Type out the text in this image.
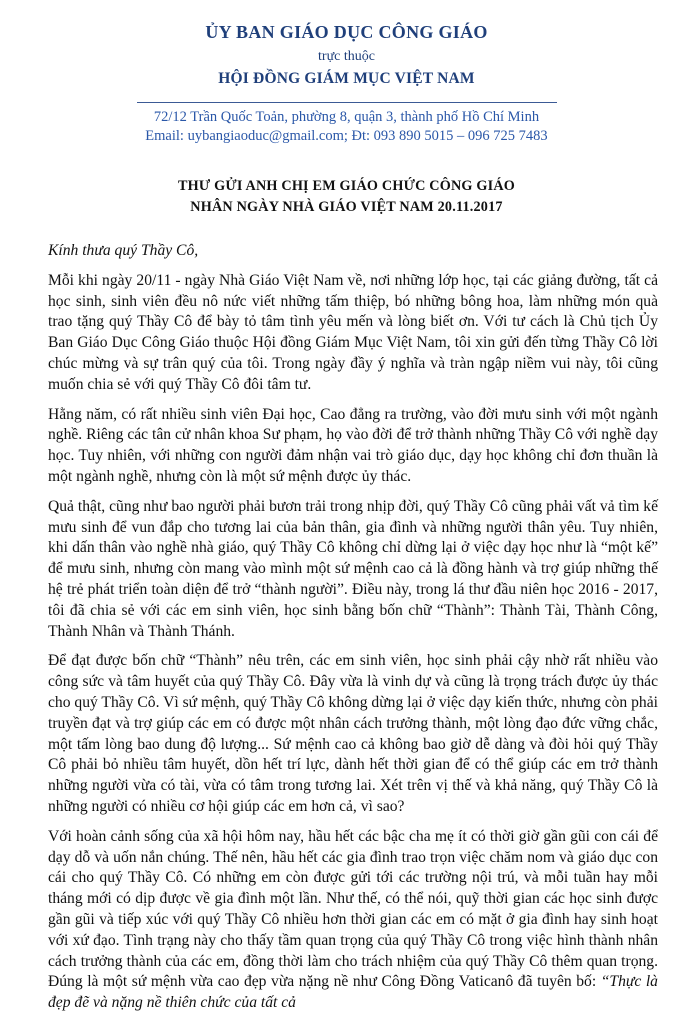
ỦY BAN GIÁO DỤC CÔNG GIÁO

trực thuộc

HỘI ĐỒNG GIÁM MỤC VIỆT NAM

72/12 Trần Quốc Toản, phường 8, quận 3, thành phố Hồ Chí Minh

Email: uybangiaoduc@gmail.com; Đt: 093 890 5015 – 096 725 7483

THƯ GỬI ANH CHỊ EM GIÁO CHỨC CÔNG GIÁO

NHÂN NGÀY NHÀ GIÁO VIỆT NAM 20.11.2017

Kính thưa quý Thầy Cô,

Mỗi khi ngày 20/11 - ngày Nhà Giáo Việt Nam về, nơi những lớp học, tại các giảng đường, tất cả học sinh, sinh viên đều nô nức viết những tấm thiệp, bó những bông hoa, làm những món quà trao tặng quý Thầy Cô để bày tỏ tâm tình yêu mến và lòng biết ơn. Với tư cách là Chủ tịch Ủy Ban Giáo Dục Công Giáo thuộc Hội đồng Giám Mục Việt Nam, tôi xin gửi đến từng Thầy Cô lời chúc mừng và sự trân quý của tôi. Trong ngày đầy ý nghĩa và tràn ngập niềm vui này, tôi cũng muốn chia sẻ với quý Thầy Cô đôi tâm tư.

Hằng năm, có rất nhiều sinh viên Đại học, Cao đẳng ra trường, vào đời mưu sinh với một ngành nghề. Riêng các tân cử nhân khoa Sư phạm, họ vào đời để trở thành những Thầy Cô với nghề dạy học. Tuy nhiên, với những con người đảm nhận vai trò giáo dục, dạy học không chỉ đơn thuần là một ngành nghề, nhưng còn là một sứ mệnh được ủy thác.

Quả thật, cũng như bao người phải bươn trải trong nhịp đời, quý Thầy Cô cũng phải vất vả tìm kế mưu sinh để vun đắp cho tương lai của bản thân, gia đình và những người thân yêu. Tuy nhiên, khi dấn thân vào nghề nhà giáo, quý Thầy Cô không chỉ dừng lại ở việc dạy học như là “một kế” để mưu sinh, nhưng còn mang vào mình một sứ mệnh cao cả là đồng hành và trợ giúp những thế hệ trẻ phát triển toàn diện để trở “thành người”. Điều này, trong lá thư đầu niên học 2016 - 2017, tôi đã chia sẻ với các em sinh viên, học sinh bằng bốn chữ “Thành”: Thành Tài, Thành Công, Thành Nhân và Thành Thánh.

Để đạt được bốn chữ “Thành” nêu trên, các em sinh viên, học sinh phải cậy nhờ rất nhiều vào công sức và tâm huyết của quý Thầy Cô. Đây vừa là vinh dự và cũng là trọng trách được ủy thác cho quý Thầy Cô. Vì sứ mệnh, quý Thầy Cô không dừng lại ở việc dạy kiến thức, nhưng còn phải truyền đạt và trợ giúp các em có được một nhân cách trưởng thành, một lòng đạo đức vững chắc, một tấm lòng bao dung độ lượng... Sứ mệnh cao cả không bao giờ dễ dàng và đòi hỏi quý Thầy Cô phải bỏ nhiều tâm huyết, dồn hết trí lực, dành hết thời gian để có thể giúp các em trở thành những người vừa có tài, vừa có tâm trong tương lai. Xét trên vị thế và khả năng, quý Thầy Cô là những người có nhiều cơ hội giúp các em hơn cả, vì sao?

Với hoàn cảnh sống của xã hội hôm nay, hầu hết các bậc cha mẹ ít có thời giờ gần gũi con cái để dạy dỗ và uốn nắn chúng. Thế nên, hầu hết các gia đình trao trọn việc chăm nom và giáo dục con cái cho quý Thầy Cô. Có những em còn được gửi tới các trường nội trú, và mỗi tuần hay mỗi tháng mới có dịp được về gia đình một lần. Như thế, có thể nói, quỹ thời gian các học sinh được gần gũi và tiếp xúc với quý Thầy Cô nhiều hơn thời gian các em có mặt ở gia đình hay sinh hoạt với xứ đạo. Tình trạng này cho thấy tầm quan trọng của quý Thầy Cô trong việc hình thành nhân cách trưởng thành của các em, đồng thời làm cho trách nhiệm của quý Thầy Cô thêm quan trọng. Đúng là một sứ mệnh vừa cao đẹp vừa nặng nề như Công Đồng Vaticanô đã tuyên bố: “Thực là đẹp đẽ và nặng nề thiên chức của tất cả
